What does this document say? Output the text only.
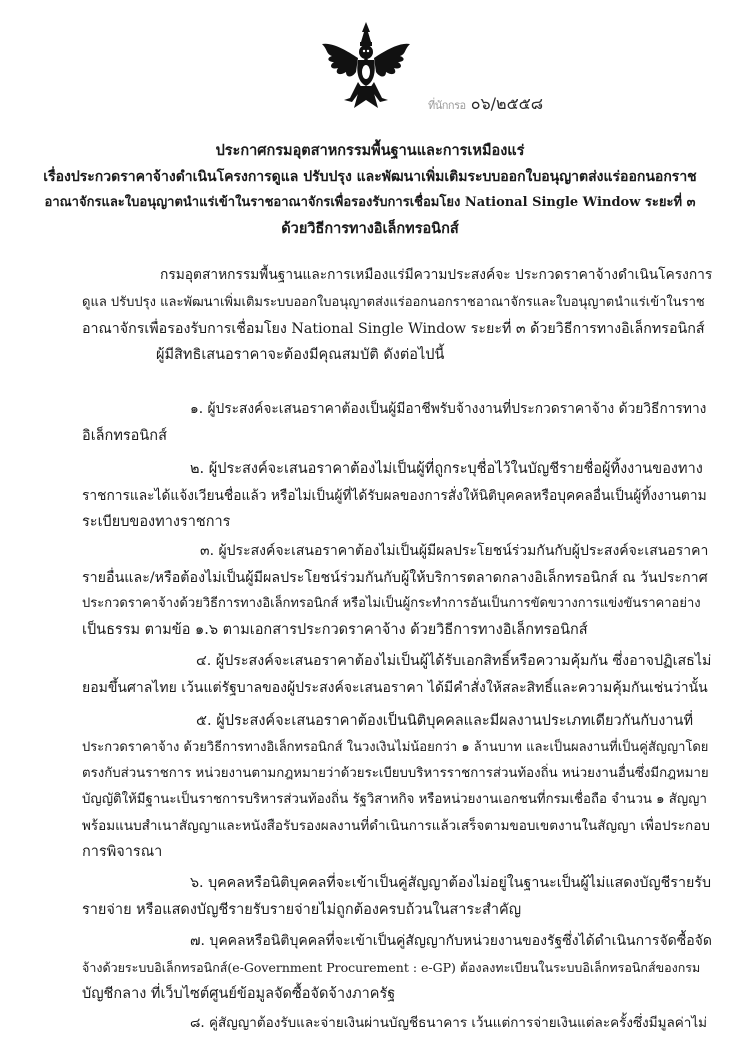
ที่นักกรอ ๐๖/๒๕๕๘
ประกาศกรมอุตสาหกรรมพื้นฐานและการเหมืองแร่
เรื่องประกวดราคาจ้างดำเนินโครงการดูแล ปรับปรุง และพัฒนาเพิ่มเติมระบบออกใบอนุญาตส่งแร่ออกนอกราช
อาณาจักรและใบอนุญาตนำแร่เข้าในราชอาณาจักรเพื่อรองรับการเชื่อมโยง National Single Window ระยะที่ ๓
ด้วยวิธีการทางอิเล็กทรอนิกส์
กรมอุตสาหกรรมพื้นฐานและการเหมืองแร่มีความประสงค์จะ ประกวดราคาจ้างดำเนินโครงการ
ดูแล ปรับปรุง และพัฒนาเพิ่มเติมระบบออกใบอนุญาตส่งแร่ออกนอกราชอาณาจักรและใบอนุญาตนำแร่เข้าในราช
อาณาจักรเพื่อรองรับการเชื่อมโยง National Single Window ระยะที่ ๓ ด้วยวิธีการทางอิเล็กทรอนิกส์
ผู้มีสิทธิเสนอราคาจะต้องมีคุณสมบัติ ดังต่อไปนี้
๑. ผู้ประสงค์จะเสนอราคาต้องเป็นผู้มีอาชีพรับจ้างงานที่ประกวดราคาจ้าง ด้วยวิธีการทาง
อิเล็กทรอนิกส์
๒. ผู้ประสงค์จะเสนอราคาต้องไม่เป็นผู้ที่ถูกระบุชื่อไว้ในบัญชีรายชื่อผู้ทิ้งงานของทาง
ราชการและได้แจ้งเวียนชื่อแล้ว หรือไม่เป็นผู้ที่ได้รับผลของการสั่งให้นิติบุคคลหรือบุคคลอื่นเป็นผู้ทิ้งงานตาม
ระเบียบของทางราชการ
๓. ผู้ประสงค์จะเสนอราคาต้องไม่เป็นผู้มีผลประโยชน์ร่วมกันกับผู้ประสงค์จะเสนอราคา
รายอื่นและ/หรือต้องไม่เป็นผู้มีผลประโยชน์ร่วมกันกับผู้ให้บริการตลาดกลางอิเล็กทรอนิกส์ ณ วันประกาศ
ประกวดราคาจ้างด้วยวิธีการทางอิเล็กทรอนิกส์ หรือไม่เป็นผู้กระทำการอันเป็นการขัดขวางการแข่งขันราคาอย่าง
เป็นธรรม ตามข้อ ๑.๖ ตามเอกสารประกวดราคาจ้าง ด้วยวิธีการทางอิเล็กทรอนิกส์
๔. ผู้ประสงค์จะเสนอราคาต้องไม่เป็นผู้ได้รับเอกสิทธิ์หรือความคุ้มกัน ซึ่งอาจปฏิเสธไม่
ยอมขึ้นศาลไทย เว้นแต่รัฐบาลของผู้ประสงค์จะเสนอราคา ได้มีคำสั่งให้สละสิทธิ์และความคุ้มกันเช่นว่านั้น
๕. ผู้ประสงค์จะเสนอราคาต้องเป็นนิติบุคคลและมีผลงานประเภทเดียวกันกับงานที่
ประกวดราคาจ้าง ด้วยวิธีการทางอิเล็กทรอนิกส์ ในวงเงินไม่น้อยกว่า ๑ ล้านบาท และเป็นผลงานที่เป็นคู่สัญญาโดย
ตรงกับส่วนราชการ หน่วยงานตามกฎหมายว่าด้วยระเบียบบริหารราชการส่วนท้องถิ่น หน่วยงานอื่นซึ่งมีกฎหมาย
บัญญัติให้มีฐานะเป็นราชการบริหารส่วนท้องถิ่น รัฐวิสาหกิจ หรือหน่วยงานเอกชนที่กรมเชื่อถือ จำนวน ๑ สัญญา
พร้อมแนบสำเนาสัญญาและหนังสือรับรองผลงานที่ดำเนินการแล้วเสร็จตามขอบเขตงานในสัญญา เพื่อประกอบ
การพิจารณา
๖. บุคคลหรือนิติบุคคลที่จะเข้าเป็นคู่สัญญาต้องไม่อยู่ในฐานะเป็นผู้ไม่แสดงบัญชีรายรับ
รายจ่าย หรือแสดงบัญชีรายรับรายจ่ายไม่ถูกต้องครบถ้วนในสาระสำคัญ
๗. บุคคลหรือนิติบุคคลที่จะเข้าเป็นคู่สัญญากับหน่วยงานของรัฐซึ่งได้ดำเนินการจัดซื้อจัด
จ้างด้วยระบบอิเล็กทรอนิกส์(e-Government Procurement : e-GP) ต้องลงทะเบียนในระบบอิเล็กทรอนิกส์ของกรม
บัญชีกลาง ที่เว็บไซต์ศูนย์ข้อมูลจัดซื้อจัดจ้างภาครัฐ
๘. คู่สัญญาต้องรับและจ่ายเงินผ่านบัญชีธนาคาร เว้นแต่การจ่ายเงินแต่ละครั้งซึ่งมีมูลค่าไม่
